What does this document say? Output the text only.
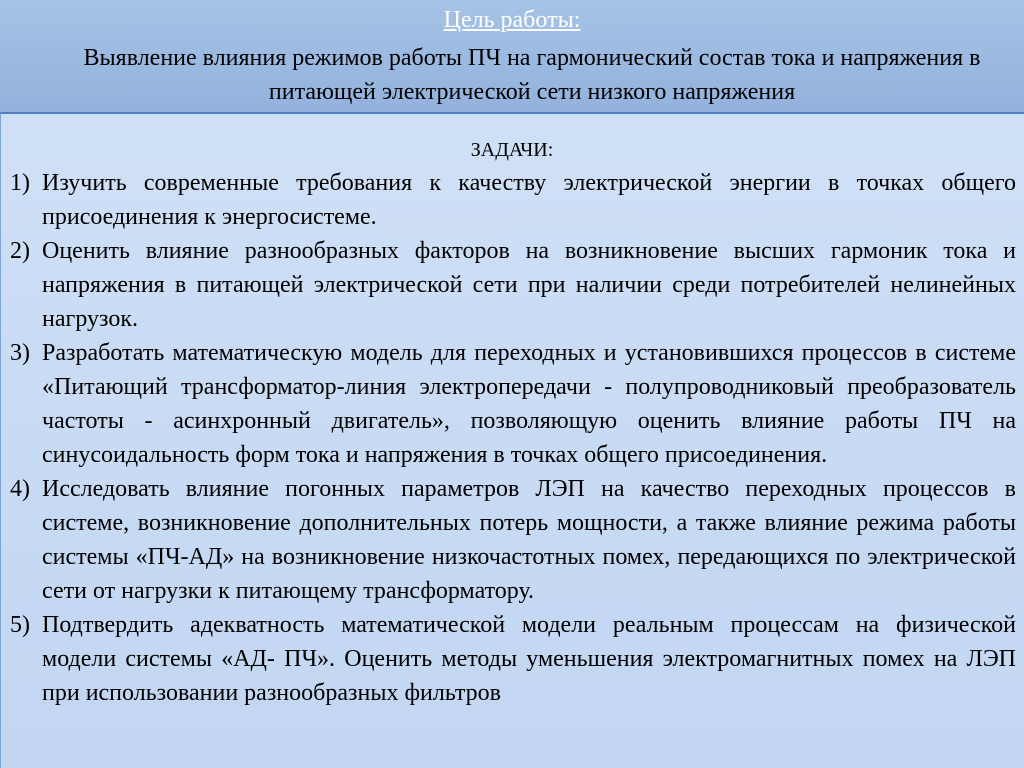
Цель работы:
Выявление влияния режимов работы ПЧ на гармонический состав тока и напряжения в питающей электрической сети низкого напряжения
ЗАДАЧИ:
1) Изучить современные требования к качеству электрической энергии в точках общего присоединения к энергосистеме.
2) Оценить влияние разнообразных факторов на возникновение высших гармоник тока и напряжения в питающей электрической сети при наличии среди потребителей нелинейных нагрузок.
3) Разработать математическую модель для переходных и установившихся процессов в системе «Питающий трансформатор-линия электропередачи - полупроводниковый преобразователь частоты - асинхронный двигатель», позволяющую оценить влияние работы ПЧ на синусоидальность форм тока и напряжения в точках общего присоединения.
4) Исследовать влияние погонных параметров ЛЭП на качество переходных процессов в системе, возникновение дополнительных потерь мощности, а также влияние режима работы системы «ПЧ-АД» на возникновение низкочастотных помех, передающихся по электрической сети от нагрузки к питающему трансформатору.
5) Подтвердить адекватность математической модели реальным процессам на физической модели системы «АД- ПЧ». Оценить методы уменьшения электромагнитных помех на ЛЭП при использовании разнообразных фильтров
